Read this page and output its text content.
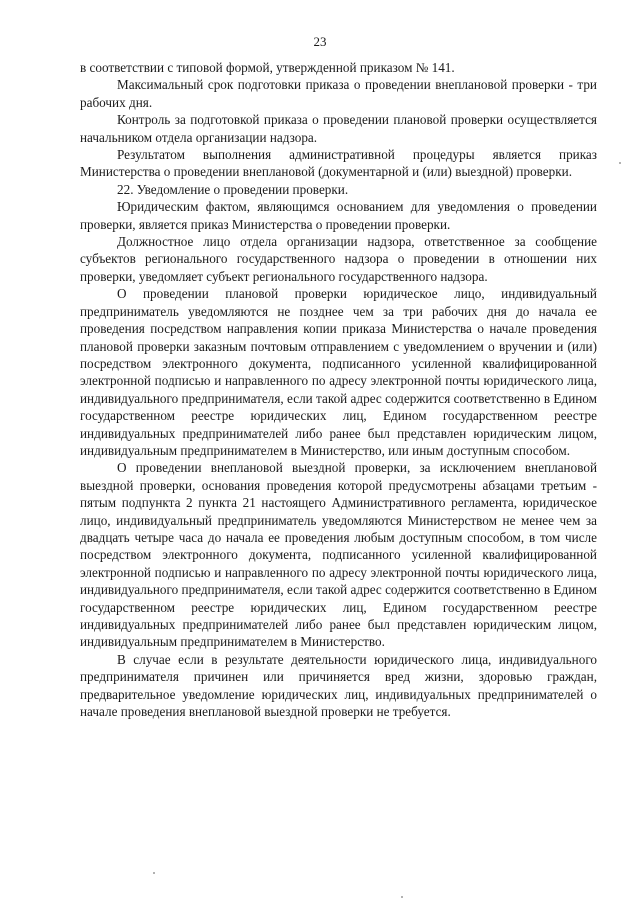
23

в соответствии с типовой формой, утвержденной приказом № 141.

Максимальный срок подготовки приказа о проведении внеплановой проверки - три рабочих дня.

Контроль за подготовкой приказа о проведении плановой проверки осуществляется начальником отдела организации надзора.

Результатом выполнения административной процедуры является приказ Министерства о проведении внеплановой (документарной и (или) выездной) проверки.

22. Уведомление о проведении проверки.

Юридическим фактом, являющимся основанием для уведомления о проведении проверки, является приказ Министерства о проведении проверки.

Должностное лицо отдела организации надзора, ответственное за сообщение субъектов регионального государственного надзора о проведении в отношении них проверки, уведомляет субъект регионального государственного надзора.

О проведении плановой проверки юридическое лицо, индивидуальный предприниматель уведомляются не позднее чем за три рабочих дня до начала ее проведения посредством направления копии приказа Министерства о начале проведения плановой проверки заказным почтовым отправлением с уведомлением о вручении и (или) посредством электронного документа, подписанного усиленной квалифицированной электронной подписью и направленного по адресу электронной почты юридического лица, индивидуального предпринимателя, если такой адрес содержится соответственно в Едином государственном реестре юридических лиц, Едином государственном реестре индивидуальных предпринимателей либо ранее был представлен юридическим лицом, индивидуальным предпринимателем в Министерство, или иным доступным способом.

О проведении внеплановой выездной проверки, за исключением внеплановой выездной проверки, основания проведения которой предусмотрены абзацами третьим - пятым подпункта 2 пункта 21 настоящего Административного регламента, юридическое лицо, индивидуальный предприниматель уведомляются Министерством не менее чем за двадцать четыре часа до начала ее проведения любым доступным способом, в том числе посредством электронного документа, подписанного усиленной квалифицированной электронной подписью и направленного по адресу электронной почты юридического лица, индивидуального предпринимателя, если такой адрес содержится соответственно в Едином государственном реестре юридических лиц, Едином государственном реестре индивидуальных предпринимателей либо ранее был представлен юридическим лицом, индивидуальным предпринимателем в Министерство.

В случае если в результате деятельности юридического лица, индивидуального предпринимателя причинен или причиняется вред жизни, здоровью граждан, предварительное уведомление юридических лиц, индивидуальных предпринимателей о начале проведения внеплановой выездной проверки не требуется.
